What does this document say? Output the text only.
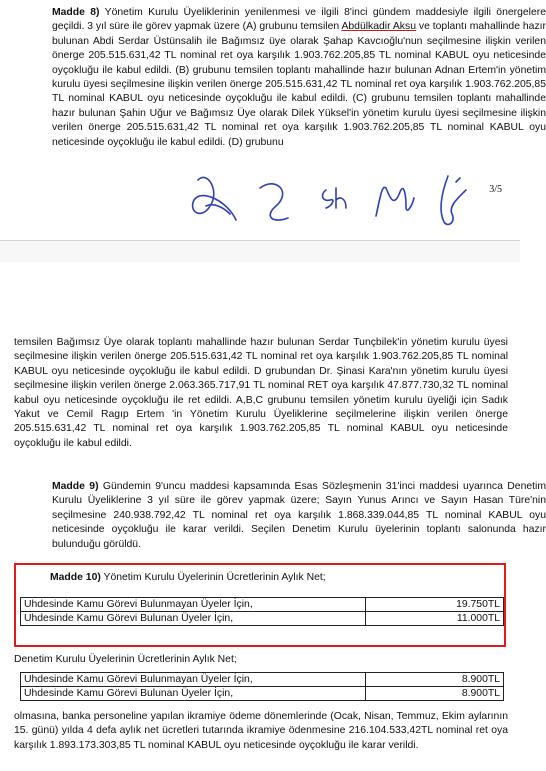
Madde 8) Yönetim Kurulu Üyeliklerinin yenilenmesi ve ilgili 8'inci gündem maddesiyle ilgili önergelere geçildi. 3 yıl süre ile görev yapmak üzere (A) grubunu temsilen Abdülkadir Aksu ve toplantı mahallinde hazır bulunan Abdi Serdar Üstünsalih ile Bağımsız üye olarak Şahap Kavcıoğlu'nun seçilmesine ilişkin verilen önerge 205.515.631,42 TL nominal ret oya karşılık 1.903.762.205,85 TL nominal KABUL oyu neticesinde oyçokluğu ile kabul edildi. (B) grubunu temsilen toplantı mahallinde hazır bulunan Adnan Ertem'in yönetim kurulu üyesi seçilmesine ilişkin verilen önerge 205.515.631,42 TL nominal ret oya karşılık 1.903.762.205,85 TL nominal KABUL oyu neticesinde oyçokluğu ile kabul edildi. (C) grubunu temsilen toplantı mahallinde hazır bulunan Şahin Uğur ve Bağımsız Üye olarak Dilek Yüksel'in yönetim kurulu üyesi seçilmesine ilişkin verilen önerge 205.515.631,42 TL nominal ret oya karşılık 1.903.762.205,85 TL nominal KABUL oyu neticesinde oyçokluğu ile kabul edildi. (D) grubunu

3/5

temsilen Bağımsız Üye olarak toplantı mahallinde hazır bulunan Serdar Tunçbilek'in yönetim kurulu üyesi seçilmesine ilişkin verilen önerge 205.515.631,42 TL nominal ret oya karşılık 1.903.762.205,85 TL nominal KABUL oyu neticesinde oyçokluğu ile kabul edildi. D grubundan Dr. Şinasi Kara'nın yönetim kurulu üyesi seçilmesine ilişkin verilen önerge 2.063.365.717,91 TL nominal RET oya karşılık 47.877.730,32 TL nominal kabul oyu neticesinde oyçokluğu ile ret edildi. A,B,C grubunu temsilen yönetim kurulu üyeliği için Sadık Yakut ve Cemil Ragıp Ertem 'in Yönetim Kurulu Üyeliklerine seçilmelerine ilişkin verilen önerge 205.515.631,42 TL nominal ret oya karşılık 1.903.762.205,85 TL nominal KABUL oyu neticesinde oyçokluğu ile kabul edildi.

Madde 9) Gündemin 9'uncu maddesi kapsamında Esas Sözleşmenin 31'inci maddesi uyarınca Denetim Kurulu Üyeliklerine 3 yıl süre ile görev yapmak üzere; Sayın Yunus Arıncı ve Sayın Hasan Türe'nin seçilmesine 240.938.792,42 TL nominal ret oya karşılık 1.868.339.044,85 TL nominal KABUL oyu neticesinde oyçokluğu ile karar verildi. Seçilen Denetim Kurulu üyelerinin toplantı salonunda hazır bulunduğu görüldü.

Madde 10) Yönetim Kurulu Üyelerinin Ücretlerinin Aylık Net;

Uhdesinde Kamu Görevi Bulunmayan Üyeler İçin,	19.750TL
Uhdesinde Kamu Görevi Bulunan Üyeler İçin,	11.000TL

Denetim Kurulu Üyelerinin Ücretlerinin Aylık Net;

Uhdesinde Kamu Görevi Bulunmayan Üyeler İçin,	8.900TL
Uhdesinde Kamu Görevi Bulunan Üyeler İçin,	8.900TL

olmasına, banka personeline yapılan ikramiye ödeme dönemlerinde (Ocak, Nisan, Temmuz, Ekim aylarının 15. günü) yılda 4 defa aylık net ücretleri tutarında ikramiye ödenmesine 216.104.533,42TL nominal ret oya karşılık 1.893.173.303,85 TL nominal KABUL oyu neticesinde oyçokluğu ile karar verildi.
